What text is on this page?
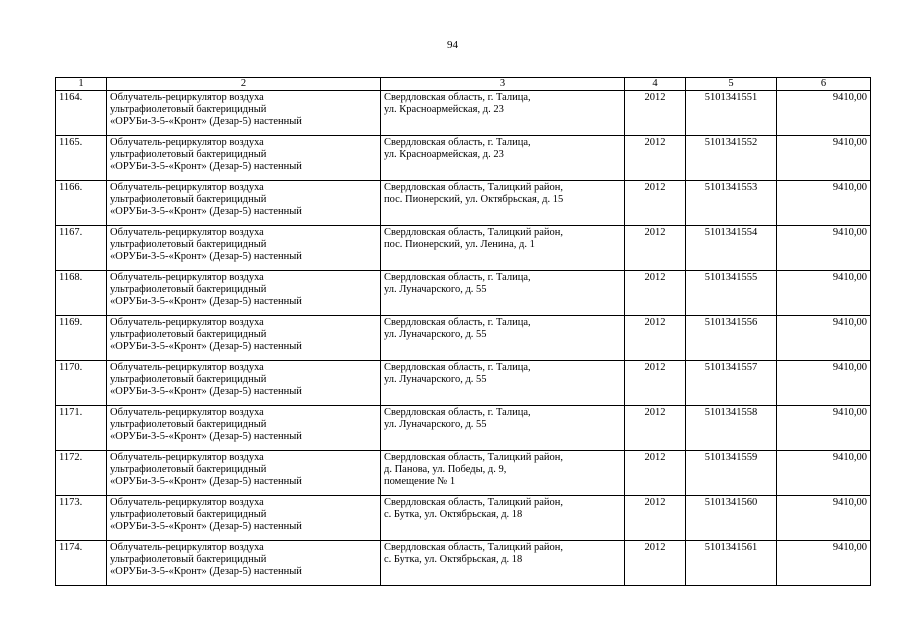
94
1	2	3	4	5	6
1164.	Облучатель-рециркулятор воздуха
ультрафиолетовый бактерицидный
«ОРУБи-3-5-«Кронт» (Дезар-5) настенный	Свердловская область, г. Талица,
ул. Красноармейская, д. 23	2012	5101341551	9410,00
1165.	Облучатель-рециркулятор воздуха
ультрафиолетовый бактерицидный
«ОРУБи-3-5-«Кронт» (Дезар-5) настенный	Свердловская область, г. Талица,
ул. Красноармейская, д. 23	2012	5101341552	9410,00
1166.	Облучатель-рециркулятор воздуха
ультрафиолетовый бактерицидный
«ОРУБи-3-5-«Кронт» (Дезар-5) настенный	Свердловская область, Талицкий район,
пос. Пионерский, ул. Октябрьская, д. 15	2012	5101341553	9410,00
1167.	Облучатель-рециркулятор воздуха
ультрафиолетовый бактерицидный
«ОРУБи-3-5-«Кронт» (Дезар-5) настенный	Свердловская область, Талицкий район,
пос. Пионерский, ул. Ленина, д. 1	2012	5101341554	9410,00
1168.	Облучатель-рециркулятор воздуха
ультрафиолетовый бактерицидный
«ОРУБи-3-5-«Кронт» (Дезар-5) настенный	Свердловская область, г. Талица,
ул. Луначарского, д. 55	2012	5101341555	9410,00
1169.	Облучатель-рециркулятор воздуха
ультрафиолетовый бактерицидный
«ОРУБи-3-5-«Кронт» (Дезар-5) настенный	Свердловская область, г. Талица,
ул. Луначарского, д. 55	2012	5101341556	9410,00
1170.	Облучатель-рециркулятор воздуха
ультрафиолетовый бактерицидный
«ОРУБи-3-5-«Кронт» (Дезар-5) настенный	Свердловская область, г. Талица,
ул. Луначарского, д. 55	2012	5101341557	9410,00
1171.	Облучатель-рециркулятор воздуха
ультрафиолетовый бактерицидный
«ОРУБи-3-5-«Кронт» (Дезар-5) настенный	Свердловская область, г. Талица,
ул. Луначарского, д. 55	2012	5101341558	9410,00
1172.	Облучатель-рециркулятор воздуха
ультрафиолетовый бактерицидный
«ОРУБи-3-5-«Кронт» (Дезар-5) настенный	Свердловская область, Талицкий район,
д. Панова, ул. Победы, д. 9,
помещение № 1	2012	5101341559	9410,00
1173.	Облучатель-рециркулятор воздуха
ультрафиолетовый бактерицидный
«ОРУБи-3-5-«Кронт» (Дезар-5) настенный	Свердловская область, Талицкий район,
с. Бутка, ул. Октябрьская, д. 18	2012	5101341560	9410,00
1174.	Облучатель-рециркулятор воздуха
ультрафиолетовый бактерицидный
«ОРУБи-3-5-«Кронт» (Дезар-5) настенный	Свердловская область, Талицкий район,
с. Бутка, ул. Октябрьская, д. 18	2012	5101341561	9410,00
